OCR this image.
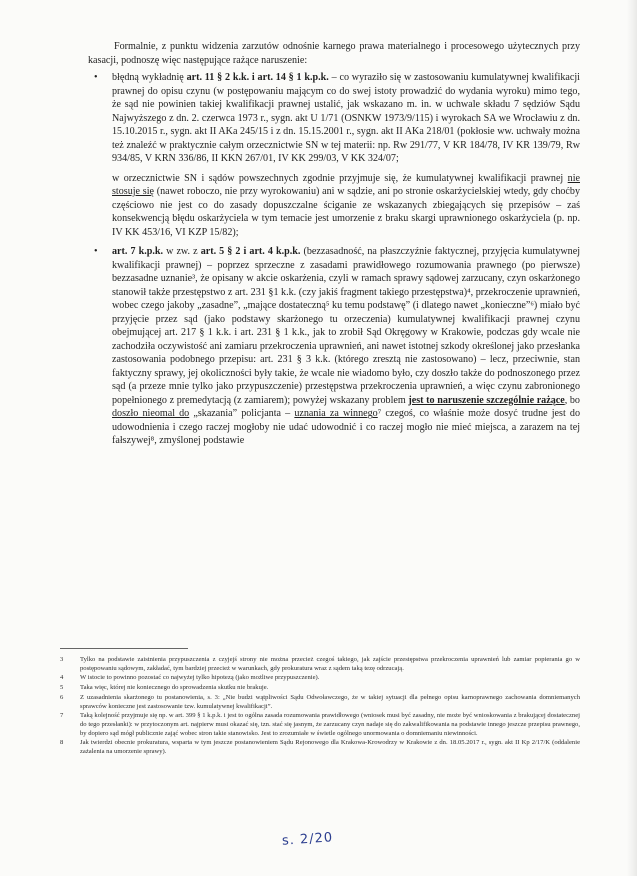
Formalnie, z punktu widzenia zarzutów odnośnie karnego prawa materialnego i procesowego użytecznych przy kasacji, podnoszę więc następujące rażące naruszenie:

• błędną wykładnię art. 11 § 2 k.k. i art. 14 § 1 k.p.k. – co wyraziło się w zastosowaniu kumulatywnej kwalifikacji prawnej do opisu czynu (w postępowaniu mającym co do swej istoty prowadzić do wydania wyroku) mimo tego, że sąd nie powinien takiej kwalifikacji prawnej ustalić, jak wskazano m. in. w uchwale składu 7 sędziów Sądu Najwyższego z dn. 2. czerwca 1973 r., sygn. akt U 1/71 (OSNKW 1973/9/115) i wyrokach SA we Wrocławiu z dn. 15.10.2015 r., sygn. akt II AKa 245/15 i z dn. 15.15.2001 r., sygn. akt II AKa 218/01 (pokłosie ww. uchwały można też znaleźć w praktycznie całym orzecznictwie SN w tej materii: np. Rw 291/77, V KR 184/78, IV KR 139/79, Rw 934/85, V KRN 336/86, II KKN 267/01, IV KK 299/03, V KK 324/07;

w orzecznictwie SN i sądów powszechnych zgodnie przyjmuje się, że kumulatywnej kwalifikacji prawnej nie stosuje się (nawet roboczo, nie przy wyrokowaniu) ani w sądzie, ani po stronie oskarżycielskiej wtedy, gdy choćby częściowo nie jest co do zasady dopuszczalne ściganie ze wskazanych zbiegających się przepisów – zaś konsekwencją błędu oskarżyciela w tym temacie jest umorzenie z braku skargi uprawnionego oskarżyciela (p. np. IV KK 453/16, VI KZP 15/82);

• art. 7 k.p.k. w zw. z art. 5 § 2 i art. 4 k.p.k. (bezzasadność, na płaszczyźnie faktycznej, przyjęcia kumulatywnej kwalifikacji prawnej) – poprzez sprzeczne z zasadami prawidłowego rozumowania prawnego (po pierwsze) bezzasadne uznanie³, że opisany w akcie oskarżenia, czyli w ramach sprawy sądowej zarzucany, czyn oskarżonego stanowił także przestępstwo z art. 231 §1 k.k. (czy jakiś fragment takiego przestępstwa)⁴, przekroczenie uprawnień, wobec czego jakoby „zasadne”, „mające dostateczną⁵ ku temu podstawę” (i dlatego nawet „konieczne”⁶) miało być przyjęcie przez sąd (jako podstawy skarżonego tu orzeczenia) kumulatywnej kwalifikacji prawnej czynu obejmującej art. 217 § 1 k.k. i art. 231 § 1 k.k., jak to zrobił Sąd Okręgowy w Krakowie, podczas gdy wcale nie zachodziła oczywistość ani zamiaru przekroczenia uprawnień, ani nawet istotnej szkody określonej jako przesłanka zastosowania podobnego przepisu: art. 231 § 3 k.k. (którego zresztą nie zastosowano) – lecz, przeciwnie, stan faktyczny sprawy, jej okoliczności były takie, że wcale nie wiadomo było, czy doszło także do podnoszonego przez sąd (a przeze mnie tylko jako przypuszczenie) przestępstwa przekroczenia uprawnień, a więc czynu zabronionego popełnionego z premedytacją (z zamiarem); powyżej wskazany problem jest to naruszenie szczególnie rażące, bo doszło nieomal do „skazania” policjanta – uznania za winnego⁷ czegoś, co właśnie może dosyć trudne jest do udowodnienia i czego raczej mogłoby nie udać udowodnić i co raczej mogło nie mieć miejsca, a zarazem na tej fałszywej⁸, zmyślonej podstawie
3	Tylko na podstawie zaistnienia przypuszczenia z czyjejś strony nie można przecież czegoś takiego, jak zajście przestępstwa przekroczenia uprawnień lub zamiar popierania go w postępowaniu sądowym, zakładać, tym bardziej przecież w warunkach, gdy prokuratura wraz z sądem taką tezę odrzucają.
4	W istocie to powinno pozostać co najwyżej tylko hipotezą (jako możliwe przypuszczenie).
5	Taka więc, której nie koniecznego do sprowadzenia skutku nie brakuje.
6	Z uzasadnienia skarżonego tu postanowienia, s. 3: „Nie budzi wątpliwości Sądu Odwoławczego, że w takiej sytuacji dla pełnego opisu karnoprawnego zachowania domniemanych sprawców konieczne jest zastosowanie tzw. kumulatywnej kwalifikacji”.
7	Taką kolejność przyjmuje się np. w art. 399 § 1 k.p.k. i jest to ogólna zasada rozumowania prawidłowego (wniosek musi być zasadny, nie może być wnioskowania z brakującej dostatecznej do tego przesłanki): w przytoczonym art. najpierw musi okazać się, tzn. stać się jasnym, że zarzucany czyn nadaje się do zakwalifikowania na podstawie innego jeszcze przepisu prawnego, by dopiero sąd mógł publicznie zająć wobec stron takie stanowisko. Jest to zrozumiałe w świetle ogólnego unormowania o domniemaniu niewinności.
8	Jak twierdzi obecnie prokuratura, wsparta w tym jeszcze postanowieniem Sądu Rejonowego dla Krakowa-Krowodrzy w Krakowie z dn. 18.05.2017 r., sygn. akt II Kp 2/17/K (oddalenie zażalenia na umorzenie sprawy).
s. 2/20
